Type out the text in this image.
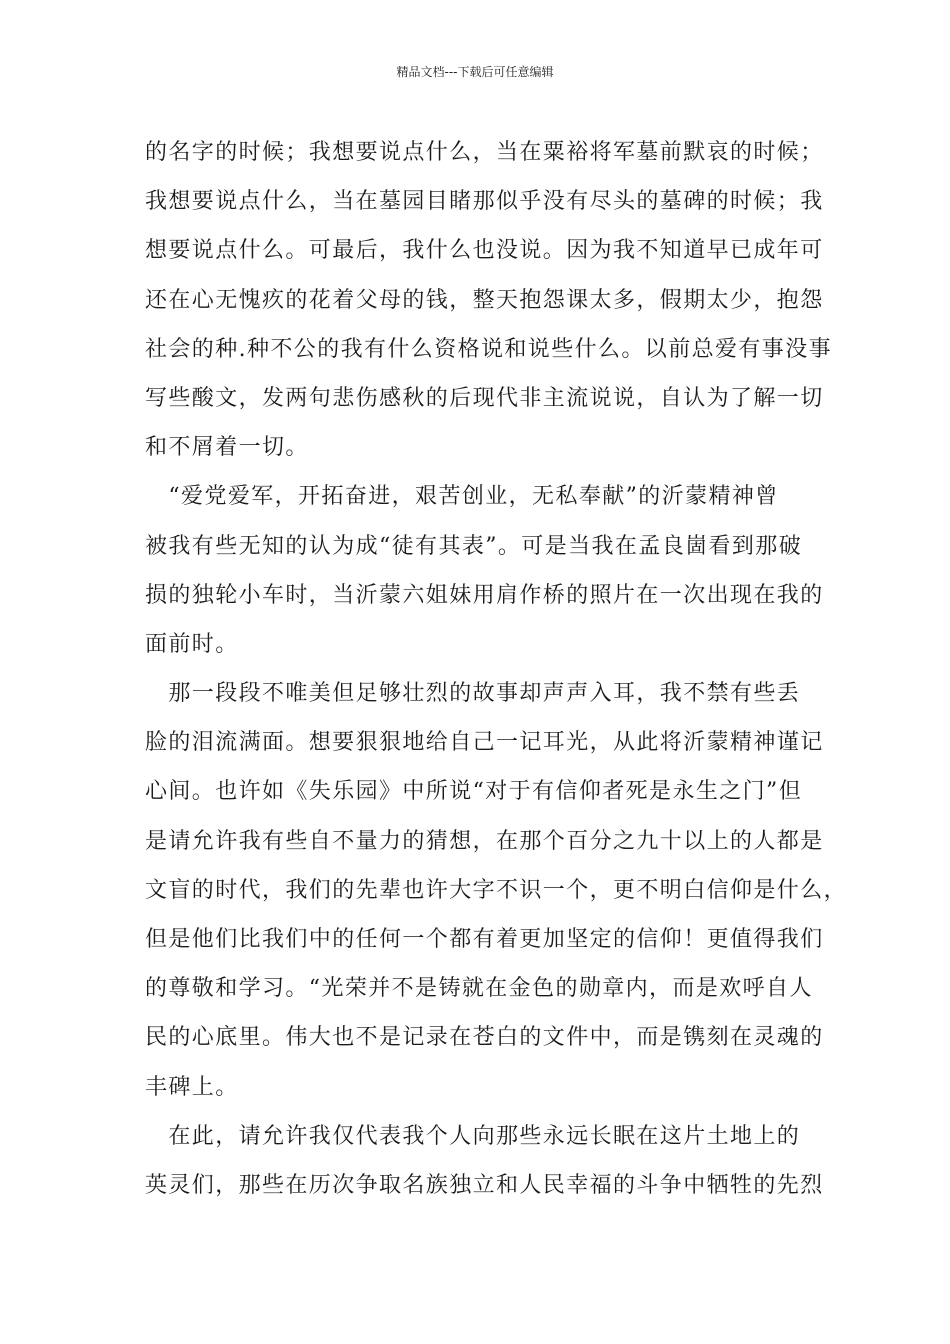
精品文档---下载后可任意编辑
的名字的时候；我想要说点什么，当在粟裕将军墓前默哀的时候；
我想要说点什么，当在墓园目睹那似乎没有尽头的墓碑的时候；我
想要说点什么。可最后，我什么也没说。因为我不知道早已成年可
还在心无愧疚的花着父母的钱，整天抱怨课太多，假期太少，抱怨
社会的种.种不公的我有什么资格说和说些什么。以前总爱有事没事
写些酸文，发两句悲伤感秋的后现代非主流说说，自认为了解一切
和不屑着一切。
　“爱党爱军，开拓奋进，艰苦创业，无私奉献”的沂蒙精神曾
被我有些无知的认为成“徒有其表”。可是当我在孟良崮看到那破
损的独轮小车时，当沂蒙六姐妹用肩作桥的照片在一次出现在我的
面前时。
　那一段段不唯美但足够壮烈的故事却声声入耳，我不禁有些丢
脸的泪流满面。想要狠狠地给自己一记耳光，从此将沂蒙精神谨记
心间。也许如《失乐园》中所说“对于有信仰者死是永生之门”但
是请允许我有些自不量力的猜想，在那个百分之九十以上的人都是
文盲的时代，我们的先辈也许大字不识一个，更不明白信仰是什么，
但是他们比我们中的任何一个都有着更加坚定的信仰！更值得我们
的尊敬和学习。“光荣并不是铸就在金色的勋章内，而是欢呼自人
民的心底里。伟大也不是记录在苍白的文件中，而是镌刻在灵魂的
丰碑上。
　在此，请允许我仅代表我个人向那些永远长眠在这片土地上的
英灵们，那些在历次争取名族独立和人民幸福的斗争中牺牲的先烈
